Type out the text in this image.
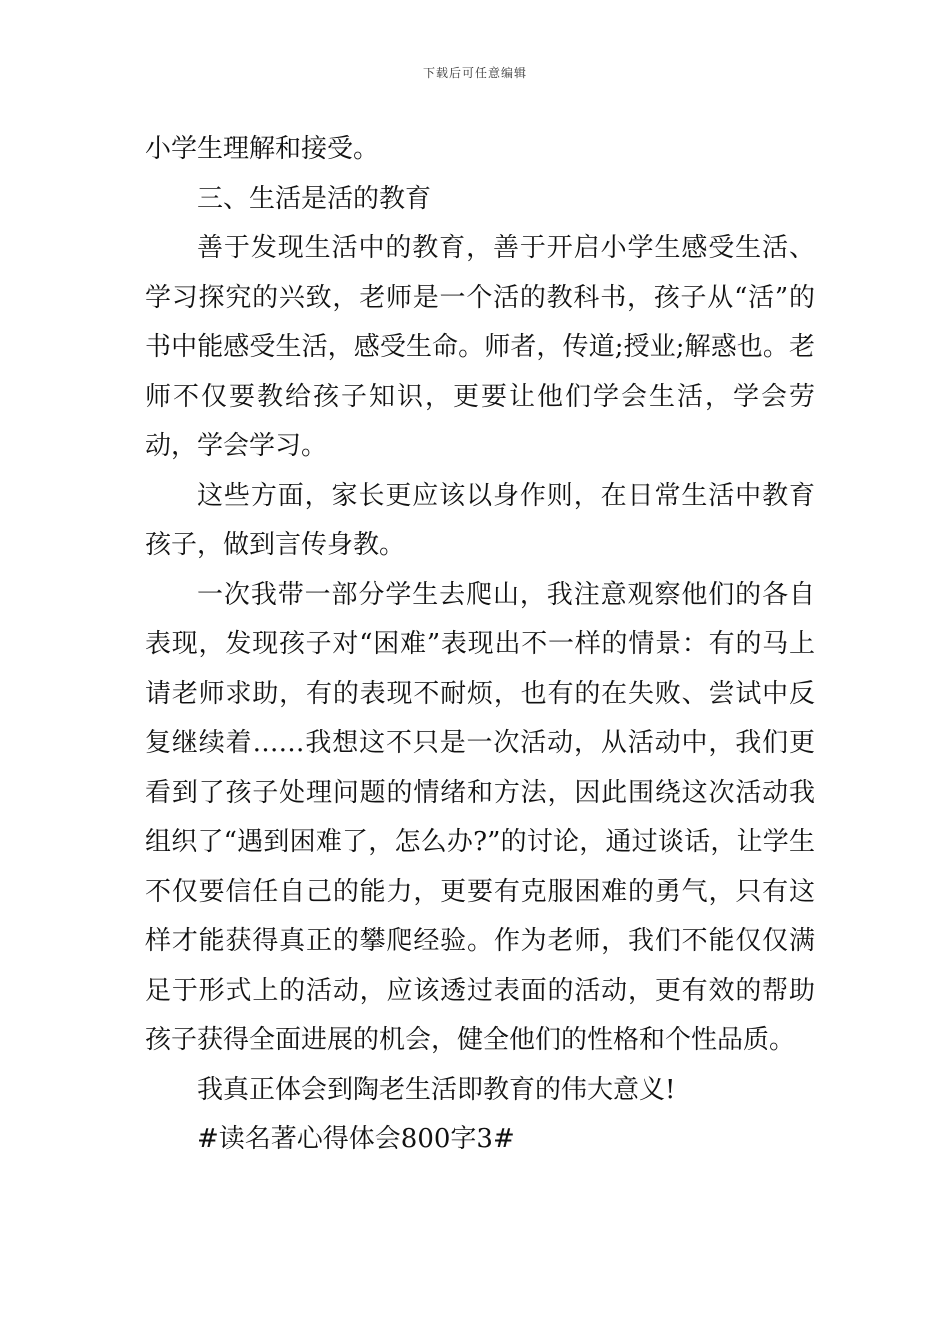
下载后可任意编辑

小学生理解和接受。

三、生活是活的教育

善于发现生活中的教育，善于开启小学生感受生活、学习探究的兴致，老师是一个活的教科书，孩子从“活”的书中能感受生活，感受生命。师者，传道;授业;解惑也。老师不仅要教给孩子知识，更要让他们学会生活，学会劳动，学会学习。

这些方面，家长更应该以身作则，在日常生活中教育孩子，做到言传身教。

一次我带一部分学生去爬山，我注意观察他们的各自表现，发现孩子对“困难”表现出不一样的情景：有的马上请老师求助，有的表现不耐烦，也有的在失败、尝试中反复继续着……我想这不只是一次活动，从活动中，我们更看到了孩子处理问题的情绪和方法，因此围绕这次活动我组织了“遇到困难了，怎么办?”的讨论，通过谈话，让学生不仅要信任自己的能力，更要有克服困难的勇气，只有这样才能获得真正的攀爬经验。作为老师，我们不能仅仅满足于形式上的活动，应该透过表面的活动，更有效的帮助孩子获得全面进展的机会，健全他们的性格和个性品质。

我真正体会到陶老生活即教育的伟大意义!

#读名著心得体会800字3#
